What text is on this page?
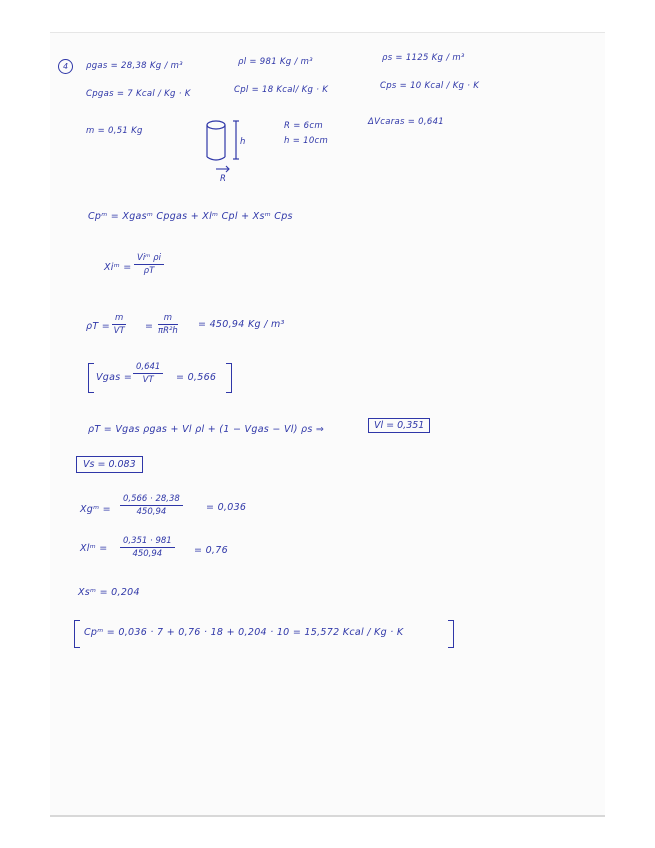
4	ρgas = 28,38 Kg / m³	ρl = 981 Kg / m³	ρs = 1125 Kg / m³
Cpgas = 7 Kcal / Kg · K	Cpl = 18 Kcal/ Kg · K	Cps = 10 Kcal / Kg · K
m = 0,51 Kg
h
R
R = 6cm
h = 10cm
ΔVcaras = 0,641
Cpᵐ = Xgasᵐ Cpgas + Xlᵐ Cpl + Xsᵐ Cps
Xiᵐ =
Viᵐ ρi
ρT
$\rho T = \frac{m}{VT} = \frac{m}{\text{πR²h}} = 450,94$ Kg / m³
Vgas = $\frac{0,641}{VT} = 0,566$
ρT = Vgas ρgas + Vl ρl + (1 − Vgas − Vl) ρs ⇒	Vl = 0,351
Vs = 0.083
Xgᵐ = $\frac{0,566 \cdot 28,38}{450,94} = 0,036$
Xlᵐ = $\frac{0,351 \cdot 981}{450,94} = 0,76$
Xsᵐ = 0,204
Cpᵐ = 0,036 · 7 + 0,76 · 18 + 0,204 · 10 = 15,572 Kcal / Kg · K
